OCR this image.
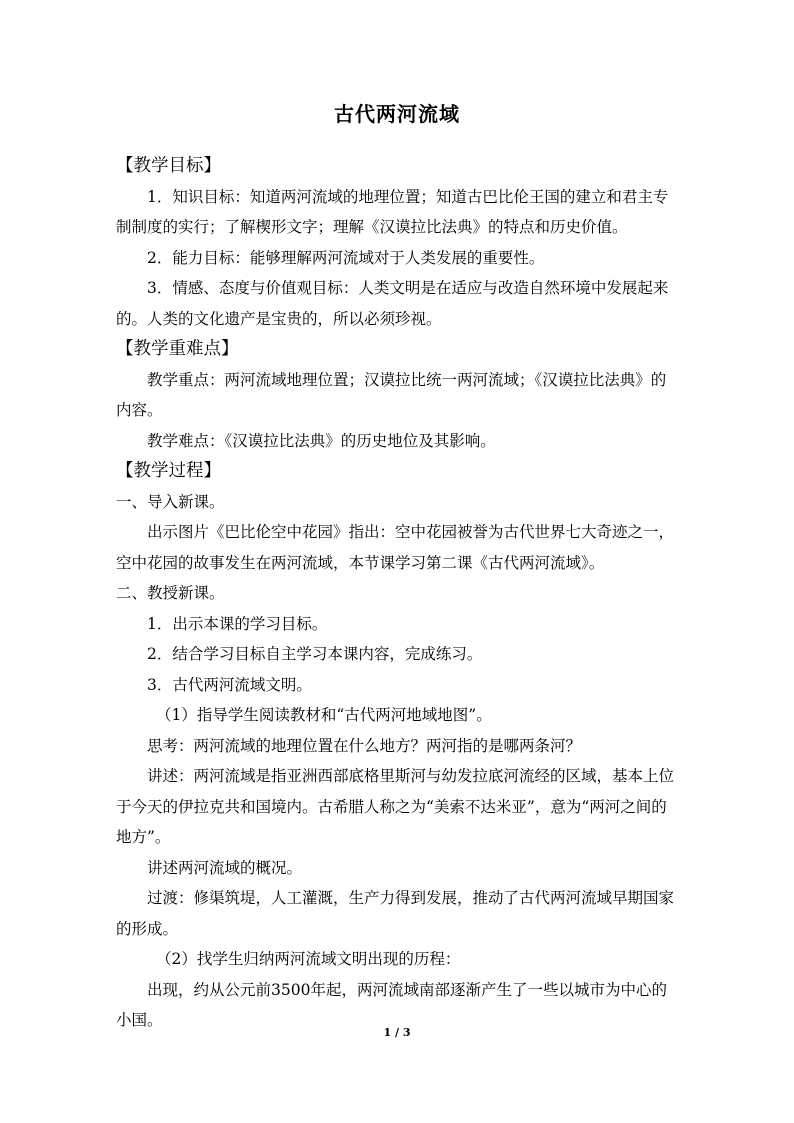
古代两河流域

【教学目标】

1．知识目标：知道两河流域的地理位置；知道古巴比伦王国的建立和君主专制制度的实行；了解楔形文字；理解《汉谟拉比法典》的特点和历史价值。

2．能力目标：能够理解两河流域对于人类发展的重要性。

3．情感、态度与价值观目标：人类文明是在适应与改造自然环境中发展起来的。人类的文化遗产是宝贵的，所以必须珍视。

【教学重难点】

教学重点：两河流域地理位置；汉谟拉比统一两河流域；《汉谟拉比法典》的内容。

教学难点：《汉谟拉比法典》的历史地位及其影响。

【教学过程】

一、导入新课。

出示图片《巴比伦空中花园》指出：空中花园被誉为古代世界七大奇迹之一，空中花园的故事发生在两河流域，本节课学习第二课《古代两河流域》。

二、教授新课。

1．出示本课的学习目标。

2．结合学习目标自主学习本课内容，完成练习。

3．古代两河流域文明。

（1）指导学生阅读教材和“古代两河地域地图”。

思考：两河流域的地理位置在什么地方？两河指的是哪两条河？

讲述：两河流域是指亚洲西部底格里斯河与幼发拉底河流经的区域，基本上位于今天的伊拉克共和国境内。古希腊人称之为“美索不达米亚”，意为“两河之间的地方”。

讲述两河流域的概况。

过渡：修渠筑堤，人工灌溉，生产力得到发展，推动了古代两河流域早期国家的形成。

（2）找学生归纳两河流域文明出现的历程：

出现，约从公元前3500年起，两河流域南部逐渐产生了一些以城市为中心的小国。

1 / 3
